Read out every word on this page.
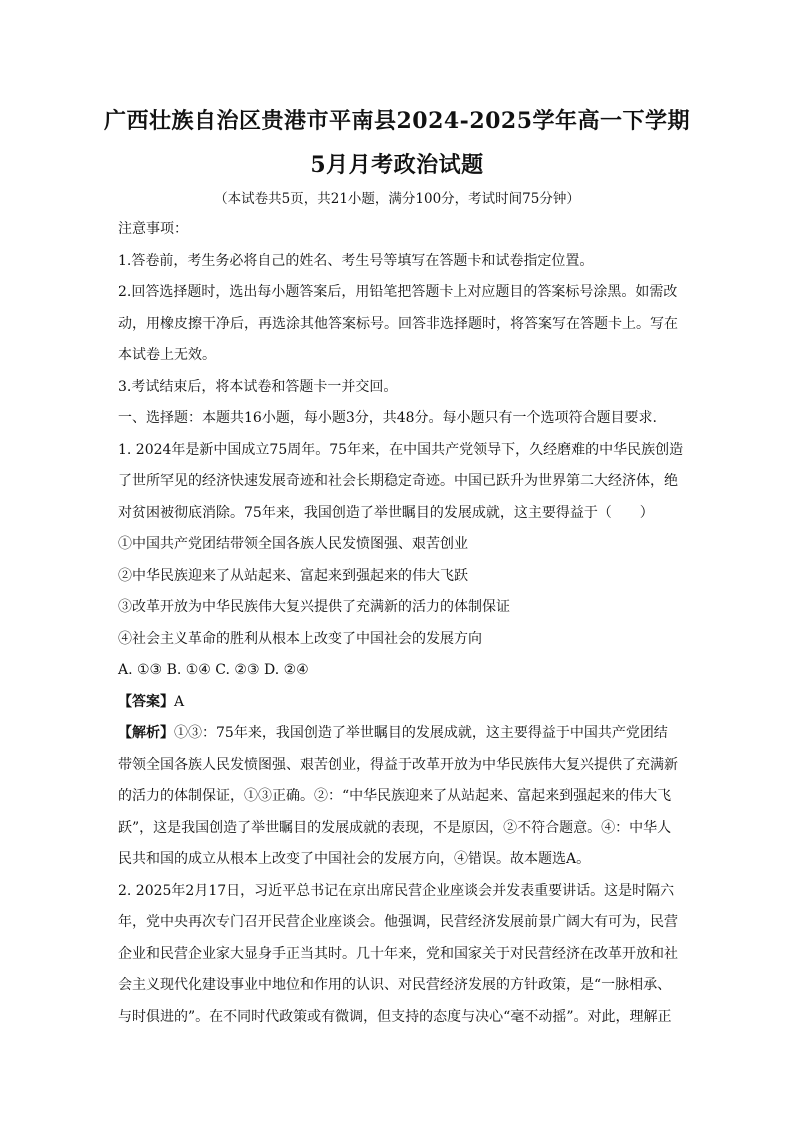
广西壮族自治区贵港市平南县2024-2025学年高一下学期
5月月考政治试题
（本试卷共5页，共21小题，满分100分，考试时间75分钟）

注意事项：

1.答卷前，考生务必将自己的姓名、考生号等填写在答题卡和试卷指定位置。

2.回答选择题时，选出每小题答案后，用铅笔把答题卡上对应题目的答案标号涂黑。如需改

动，用橡皮擦干净后，再选涂其他答案标号。回答非选择题时，将答案写在答题卡上。写在

本试卷上无效。

3.考试结束后，将本试卷和答题卡一并交回。

一、选择题：本题共16小题，每小题3分，共48分。每小题只有一个选项符合题目要求.

1. 2024年是新中国成立75周年。75年来，在中国共产党领导下，久经磨难的中华民族创造

了世所罕见的经济快速发展奇迹和社会长期稳定奇迹。中国已跃升为世界第二大经济体，绝

对贫困被彻底消除。75年来，我国创造了举世瞩目的发展成就，这主要得益于（　　）

①中国共产党团结带领全国各族人民发愤图强、艰苦创业

②中华民族迎来了从站起来、富起来到强起来的伟大飞跃

③改革开放为中华民族伟大复兴提供了充满新的活力的体制保证

④社会主义革命的胜利从根本上改变了中国社会的发展方向

A. ①③ B. ①④ C. ②③ D. ②④

【答案】A

【解析】①③：75年来，我国创造了举世瞩目的发展成就，这主要得益于中国共产党团结

带领全国各族人民发愤图强、艰苦创业，得益于改革开放为中华民族伟大复兴提供了充满新

的活力的体制保证，①③正确。②：“中华民族迎来了从站起来、富起来到强起来的伟大飞

跃”，这是我国创造了举世瞩目的发展成就的表现，不是原因，②不符合题意。④：中华人

民共和国的成立从根本上改变了中国社会的发展方向，④错误。故本题选A。

2. 2025年2月17日，习近平总书记在京出席民营企业座谈会并发表重要讲话。这是时隔六

年，党中央再次专门召开民营企业座谈会。他强调，民营经济发展前景广阔大有可为，民营

企业和民营企业家大显身手正当其时。几十年来，党和国家关于对民营经济在改革开放和社

会主义现代化建设事业中地位和作用的认识、对民营经济发展的方针政策，是“一脉相承、

与时俱进的”。在不同时代政策或有微调，但支持的态度与决心“毫不动摇”。对此，理解正
